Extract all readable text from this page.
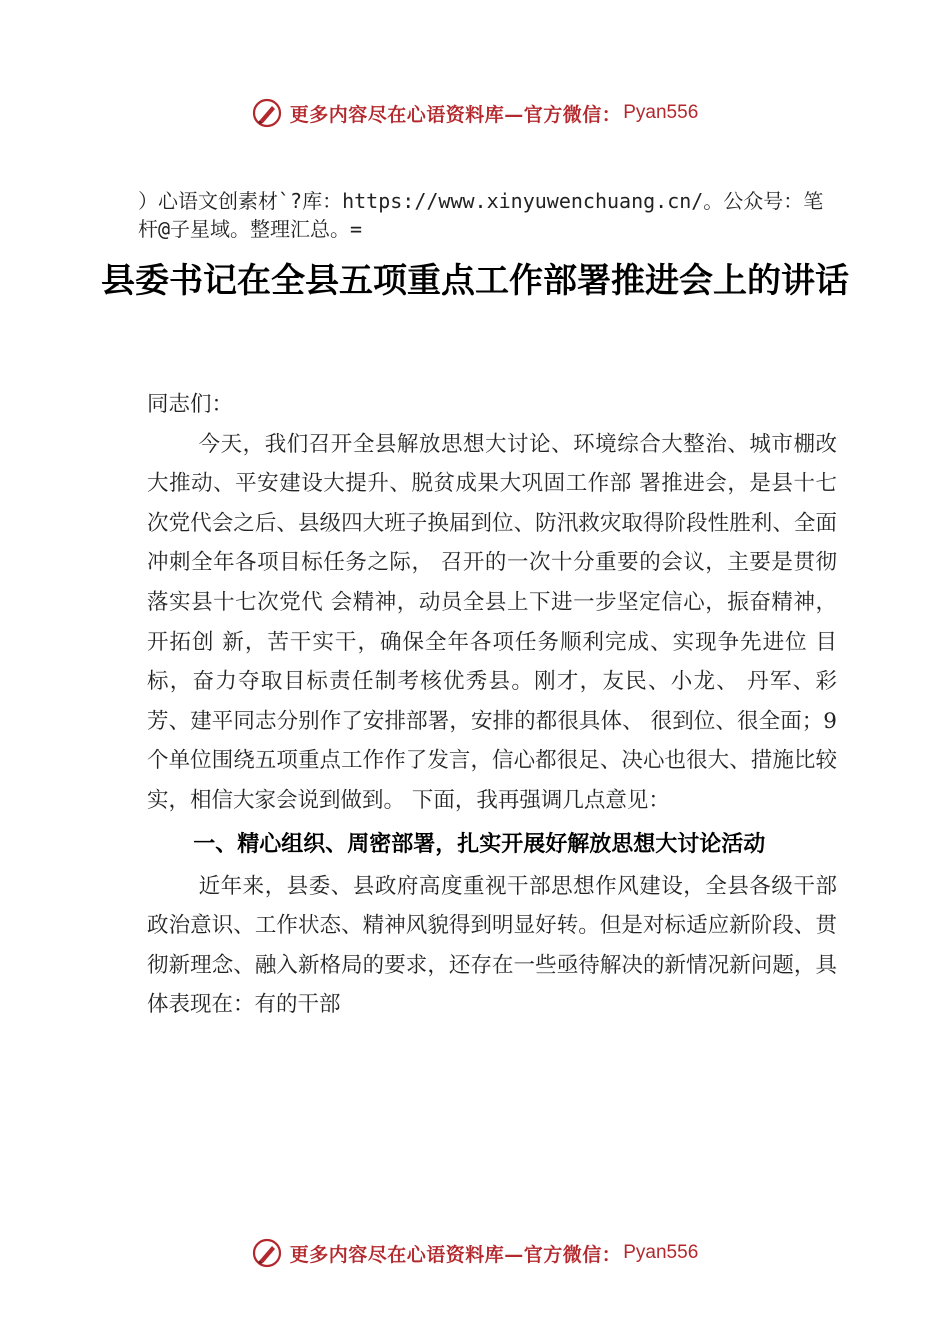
更多内容尽在心语资料库—官方微信： Pyan556

）心语文创素材`?库：https://www.xinyuwenchuang.cn/。公众号：笔杆@子星域。整理汇总。=

县委书记在全县五项重点工作部署推进会上的讲话

同志们：

今天，我们召开全县解放思想大讨论、环境综合大整治、城市棚改大推动、平安建设大提升、脱贫成果大巩固工作部 署推进会，是县十七次党代会之后、县级四大班子换届到位、防汛救灾取得阶段性胜利、全面冲刺全年各项目标任务之际， 召开的一次十分重要的会议，主要是贯彻落实县十七次党代 会精神，动员全县上下进一步坚定信心，振奋精神，开拓创 新，苦干实干，确保全年各项任务顺利完成、实现争先进位 目标，奋力夺取目标责任制考核优秀县。刚才，友民、小龙、 丹军、彩芳、建平同志分别作了安排部署，安排的都很具体、 很到位、很全面；9 个单位围绕五项重点工作作了发言，信心都很足、决心也很大、措施比较实，相信大家会说到做到。 下面，我再强调几点意见：

一、精心组织、周密部署，扎实开展好解放思想大讨论活动

近年来，县委、县政府高度重视干部思想作风建设，全县各级干部政治意识、工作状态、精神风貌得到明显好转。但是对标适应新阶段、贯彻新理念、融入新格局的要求，还存在一些亟待解决的新情况新问题，具体表现在：有的干部

更多内容尽在心语资料库—官方微信： Pyan556
